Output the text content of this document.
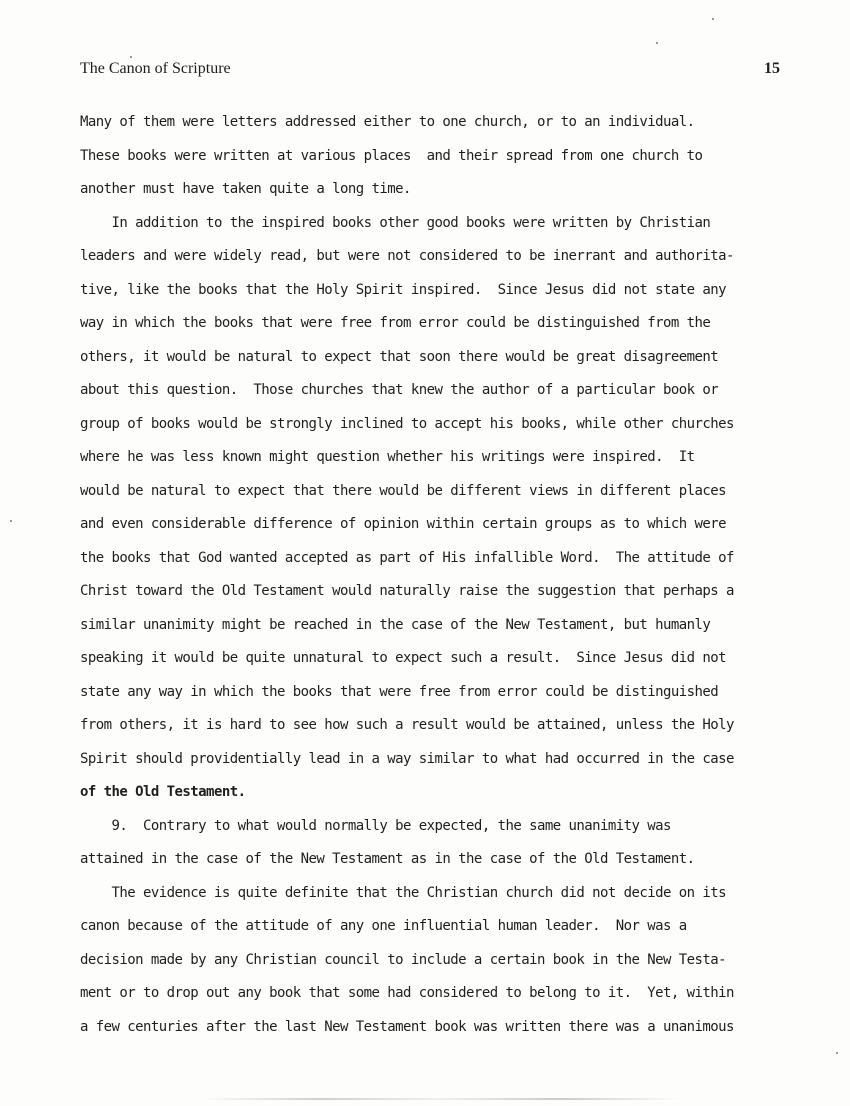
The Canon of Scripture	15
Many of them were letters addressed either to one church, or to an individual.
These books were written at various places  and their spread from one church to
another must have taken quite a long time.
In addition to the inspired books other good books were written by Christian
leaders and were widely read, but were not considered to be inerrant and authorita-
tive, like the books that the Holy Spirit inspired.  Since Jesus did not state any
way in which the books that were free from error could be distinguished from the
others, it would be natural to expect that soon there would be great disagreement
about this question.  Those churches that knew the author of a particular book or
group of books would be strongly inclined to accept his books, while other churches
where he was less known might question whether his writings were inspired.  It
would be natural to expect that there would be different views in different places
and even considerable difference of opinion within certain groups as to which were
the books that God wanted accepted as part of His infallible Word.  The attitude of
Christ toward the Old Testament would naturally raise the suggestion that perhaps a
similar unanimity might be reached in the case of the New Testament, but humanly
speaking it would be quite unnatural to expect such a result.  Since Jesus did not
state any way in which the books that were free from error could be distinguished
from others, it is hard to see how such a result would be attained, unless the Holy
Spirit should providentially lead in a way similar to what had occurred in the case
of the Old Testament.
9.  Contrary to what would normally be expected, the same unanimity was
attained in the case of the New Testament as in the case of the Old Testament.
The evidence is quite definite that the Christian church did not decide on its
canon because of the attitude of any one influential human leader.  Nor was a
decision made by any Christian council to include a certain book in the New Testa-
ment or to drop out any book that some had considered to belong to it.  Yet, within
a few centuries after the last New Testament book was written there was a unanimous
